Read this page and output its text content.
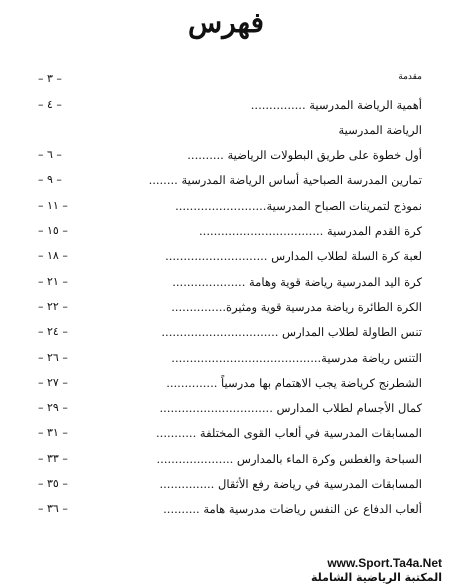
فهرس
– ٣ –	مقدمة
– ٤ –	أهمية الرياضة المدرسية ...............
الرياضة المدرسية
– ٦ –	أول خطوة على طريق البطولات الرياضية ..........
– ٩ –	تمارين المدرسة الصباحية أساس الرياضة المدرسية ........
– ١١ –	نموذج لتمرينات الصباح المدرسية.........................
– ١٥ –	كرة القدم المدرسية ..................................
– ١٨ –	لعبة كرة السلة لطلاب المدارس ............................
– ٢١ –	كرة اليد المدرسية رياضة قوية وهامة ....................
– ٢٢ –	الكرة الطائرة رياضة مدرسية قوية ومثيرة...............
– ٢٤ –	تنس الطاولة لطلاب المدارس ................................
– ٢٦ –	التنس رياضة مدرسية.........................................
– ٢٧ –	الشطرنج كرياضة يجب الاهتمام بها مدرسياً ..............
– ٢٩ –	كمال الأجسام لطلاب المدارس ...............................
– ٣١ –	المسابقات المدرسية في ألعاب القوى المختلفة ...........
– ٣٣ –	السباحة والغطس وكرة الماء بالمدارس .....................
– ٣٥ –	المسابقات المدرسية في رياضة رفع الأثقال ...............
– ٣٦ –	ألعاب الدفاع عن النفس رياضات مدرسية هامة ..........
www.Sport.Ta4a.Net
المكتبة الرياضية الشاملة
